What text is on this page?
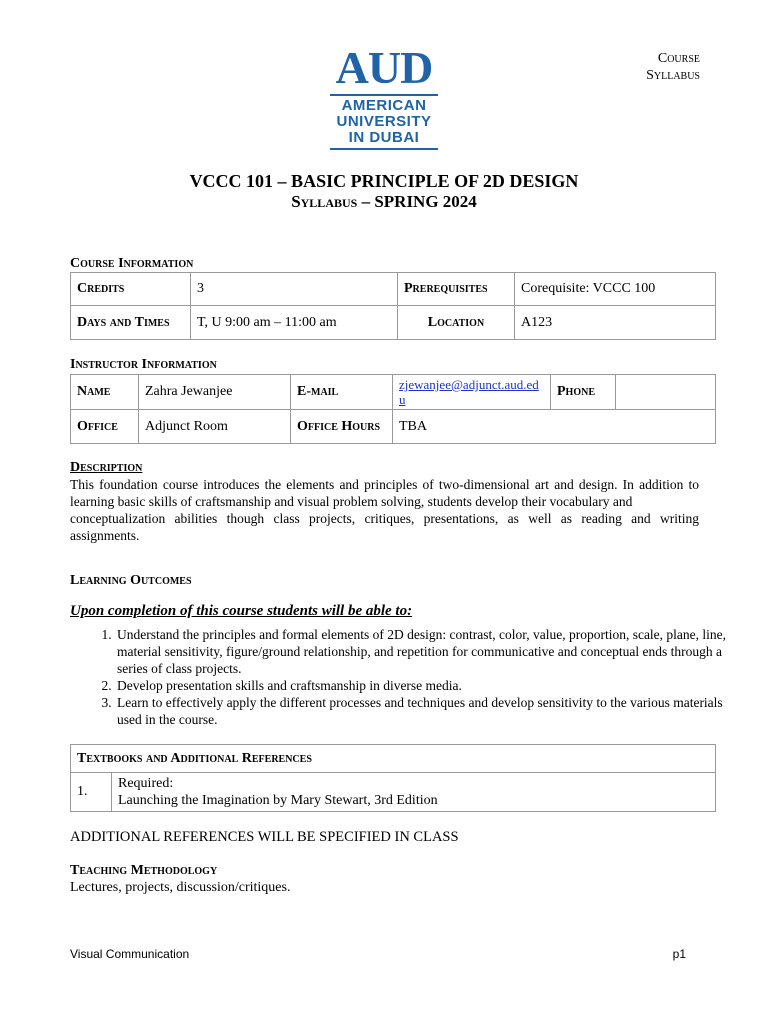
AUD
AMERICAN
UNIVERSITY
IN DUBAI
Course
Syllabus
VCCC 101 – BASIC PRINCIPLE OF 2D DESIGN
Syllabus – SPRING 2024
Course Information
Credits	3	Prerequisites	Corequisite: VCCC 100
Days and Times	T, U 9:00 am – 11:00 am	Location	A123
Instructor Information
Name	Zahra Jewanjee	E-mail	zjewanjee@adjunct.aud.ed u	Phone	
Office	Adjunct Room	Office Hours	TBA		
Description
This foundation course introduces the elements and principles of two-dimensional art and design. In addition to learning basic skills of craftsmanship and visual problem solving, students develop their vocabulary and
conceptualization abilities though class projects, critiques, presentations, as well as reading and writing assignments.
Learning Outcomes
Upon completion of this course students will be able to:
1. Understand the principles and formal elements of 2D design: contrast, color, value, proportion, scale, plane, line, material sensitivity, figure/ground relationship, and repetition for communicative and conceptual ends through a series of class projects.
2. Develop presentation skills and craftsmanship in diverse media.
3. Learn to effectively apply the different processes and techniques and develop sensitivity to the various materials used in the course.
Textbooks and Additional References
1.	
Required:
Launching the Imagination by Mary Stewart, 3rd Edition
ADDITIONAL REFERENCES WILL BE SPECIFIED IN CLASS
Teaching Methodology
Lectures, projects, discussion/critiques.
Visual Communication	p1
